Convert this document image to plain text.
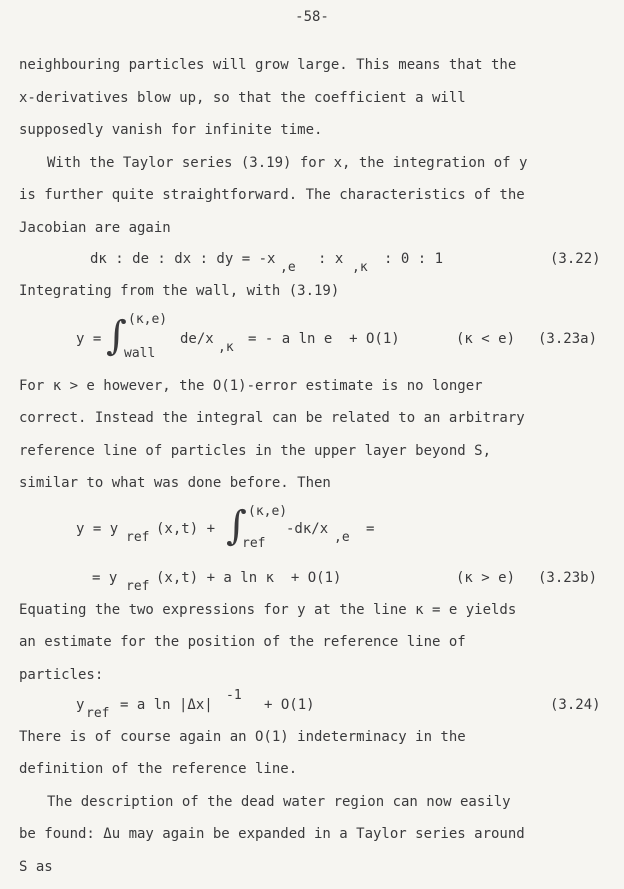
-58-
neighbouring particles will grow large. This means that the
x-derivatives blow up, so that the coefficient a will
supposedly vanish for infinite time.
With the Taylor series (3.19) for x, the integration of y
is further quite straightforward. The characteristics of the
Jacobian are again
dκ : de : dx : dy = -x
,e
: x
,κ
: 0 : 1	(3.22)
Integrating from the wall, with (3.19)
y = ∫ (κ,e)
wall
de/x
,κ
= - a ln e  + O(1)	(κ < e) (3.23a)
For κ > e however, the O(1)-error estimate is no longer
correct. Instead the integral can be related to an arbitrary
reference line of particles in the upper layer beyond S,
similar to what was done before. Then
y = y
ref
(x,t) + ∫ (κ,e)
ref
-dκ/x
,e
=
= y
ref
(x,t) + a ln κ  + O(1)	(κ > e) (3.23b)
Equating the two expressions for y at the line κ = e yields
an estimate for the position of the reference line of
particles:
y
ref
= a ln |Δx|
-1
+ O(1)	(3.24)
There is of course again an O(1) indeterminacy in the
definition of the reference line.
The description of the dead water region can now easily
be found: Δu may again be expanded in a Taylor series around
S as
